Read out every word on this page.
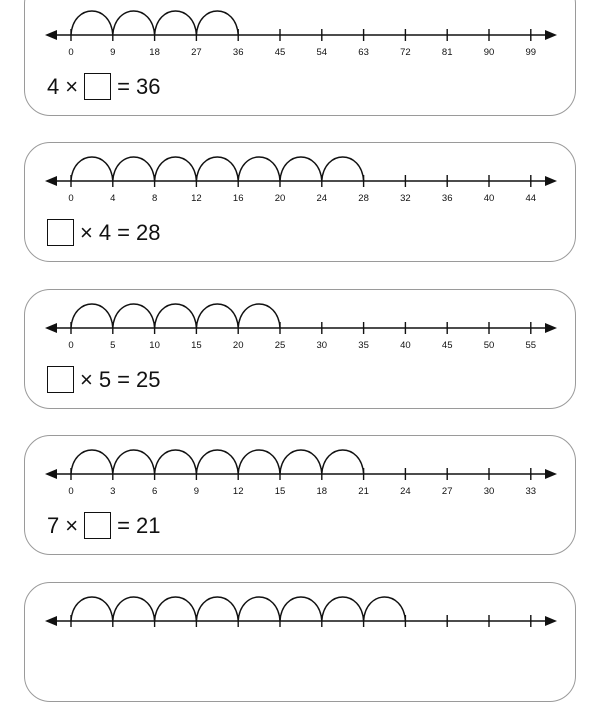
0	9	18	27	36	45	54	63	72	81	90	99
4 × = 36
0	4	8	12	16	20	24	28	32	36	40	44
× 4 = 28
0	5	10	15	20	25	30	35	40	45	50	55
× 5 = 25
0	3	6	9	12	15	18	21	24	27	30	33
7 × = 21
